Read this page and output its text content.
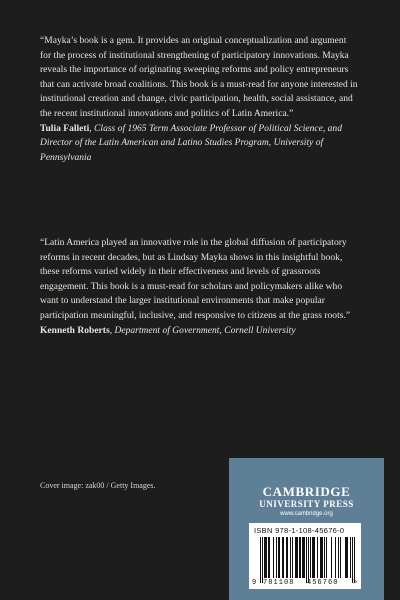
“Mayka’s book is a gem. It provides an original conceptualization and argument for the process of institutional strengthening of participatory innovations. Mayka reveals the importance of originating sweeping reforms and policy entrepreneurs that can activate broad coalitions. This book is a must-read for anyone interested in institutional creation and change, civic participation, health, social assistance, and the recent institutional innovations and politics of Latin America.”

Tulia Falleti, Class of 1965 Term Associate Professor of Political Science, and Director of the Latin American and Latino Studies Program, University of Pennsylvania

“Latin America played an innovative role in the global diffusion of participatory reforms in recent decades, but as Lindsay Mayka shows in this insightful book, these reforms varied widely in their effectiveness and levels of grassroots engagement. This book is a must-read for scholars and policymakers alike who want to understand the larger institutional environments that make popular participation meaningful, inclusive, and responsive to citizens at the grass roots.”

Kenneth Roberts, Department of Government, Cornell University

Cover image: zak00 / Getty Images.	CAMBRIDGE
UNIVERSITY PRESS
www.cambridge.org
ISBN 978-1-108-45676-0
9 781108 456760 >
